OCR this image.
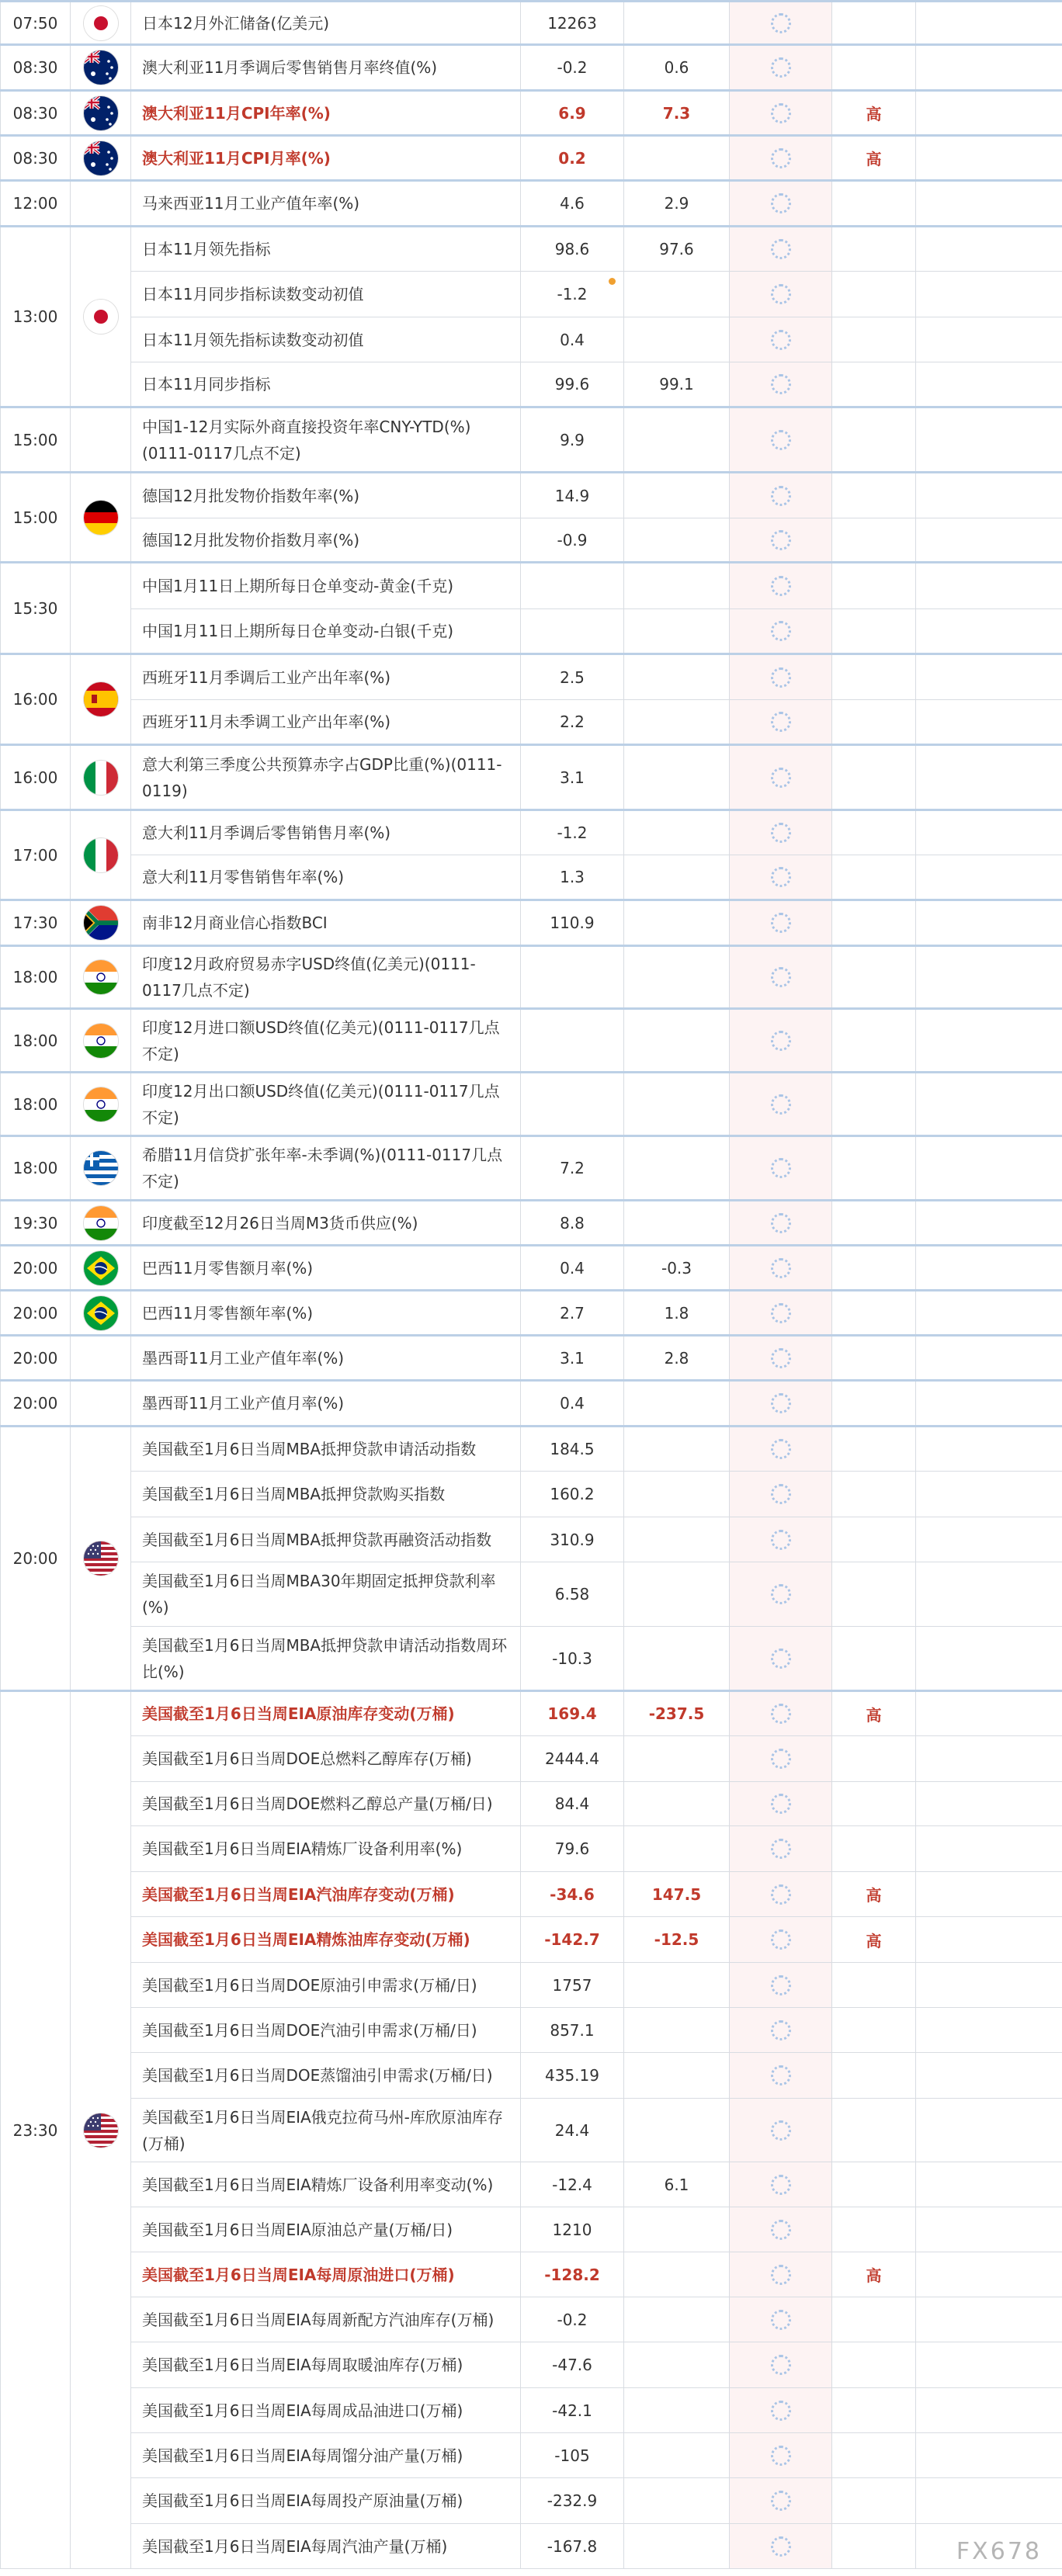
07:50		日本12月外汇储备(亿美元)	12263				
08:30		澳大利亚11月季调后零售销售月率终值(%)	-0.2	0.6			
08:30		澳大利亚11月CPI年率(%)	6.9	7.3		高	
08:30		澳大利亚11月CPI月率(%)	0.2			高	
12:00		马来西亚11月工业产值年率(%)	4.6	2.9			
13:00		日本11月领先指标	98.6	97.6			
		日本11月同步指标读数变动初值	-1.2				
		日本11月领先指标读数变动初值	0.4				
		日本11月同步指标	99.6	99.1			
15:00		中国1-12月实际外商直接投资年率CNY-YTD(%)(0111-0117几点不定)	9.9				
15:00		德国12月批发物价指数年率(%)	14.9				
		德国12月批发物价指数月率(%)	-0.9				
15:30		中国1月11日上期所每日仓单变动-黄金(千克)					
		中国1月11日上期所每日仓单变动-白银(千克)					
16:00		西班牙11月季调后工业产出年率(%)	2.5				
		西班牙11月未季调工业产出年率(%)	2.2				
16:00		意大利第三季度公共预算赤字占GDP比重(%)(0111-0119)	3.1				
17:00		意大利11月季调后零售销售月率(%)	-1.2				
		意大利11月零售销售年率(%)	1.3				
17:30		南非12月商业信心指数BCI	110.9				
18:00		印度12月政府贸易赤字USD终值(亿美元)(0111-0117几点不定)					
18:00		印度12月进口额USD终值(亿美元)(0111-0117几点不定)					
18:00		印度12月出口额USD终值(亿美元)(0111-0117几点不定)					
18:00		希腊11月信贷扩张年率-未季调(%)(0111-0117几点不定)	7.2				
19:30		印度截至12月26日当周M3货币供应(%)	8.8				
20:00		巴西11月零售额月率(%)	0.4	-0.3			
20:00		巴西11月零售额年率(%)	2.7	1.8			
20:00		墨西哥11月工业产值年率(%)	3.1	2.8			
20:00		墨西哥11月工业产值月率(%)	0.4				
20:00		美国截至1月6日当周MBA抵押贷款申请活动指数	184.5				
		美国截至1月6日当周MBA抵押贷款购买指数	160.2				
		美国截至1月6日当周MBA抵押贷款再融资活动指数	310.9				
		美国截至1月6日当周MBA30年期固定抵押贷款利率(%)	6.58				
		美国截至1月6日当周MBA抵押贷款申请活动指数周环比(%)	-10.3				
23:30		美国截至1月6日当周EIA原油库存变动(万桶)	169.4	-237.5		高	
		美国截至1月6日当周DOE总燃料乙醇库存(万桶)	2444.4				
		美国截至1月6日当周DOE燃料乙醇总产量(万桶/日)	84.4				
		美国截至1月6日当周EIA精炼厂设备利用率(%)	79.6				
		美国截至1月6日当周EIA汽油库存变动(万桶)	-34.6	147.5		高	
		美国截至1月6日当周EIA精炼油库存变动(万桶)	-142.7	-12.5		高	
		美国截至1月6日当周DOE原油引申需求(万桶/日)	1757				
		美国截至1月6日当周DOE汽油引申需求(万桶/日)	857.1				
		美国截至1月6日当周DOE蒸馏油引申需求(万桶/日)	435.19				
		美国截至1月6日当周EIA俄克拉荷马州-库欣原油库存(万桶)	24.4				
		美国截至1月6日当周EIA精炼厂设备利用率变动(%)	-12.4	6.1			
		美国截至1月6日当周EIA原油总产量(万桶/日)	1210				
		美国截至1月6日当周EIA每周原油进口(万桶)	-128.2			高	
		美国截至1月6日当周EIA每周新配方汽油库存(万桶)	-0.2				
		美国截至1月6日当周EIA每周取暖油库存(万桶)	-47.6				
		美国截至1月6日当周EIA每周成品油进口(万桶)	-42.1				
		美国截至1月6日当周EIA每周馏分油产量(万桶)	-105				
		美国截至1月6日当周EIA每周投产原油量(万桶)	-232.9				
		美国截至1月6日当周EIA每周汽油产量(万桶)	-167.8					FX678
